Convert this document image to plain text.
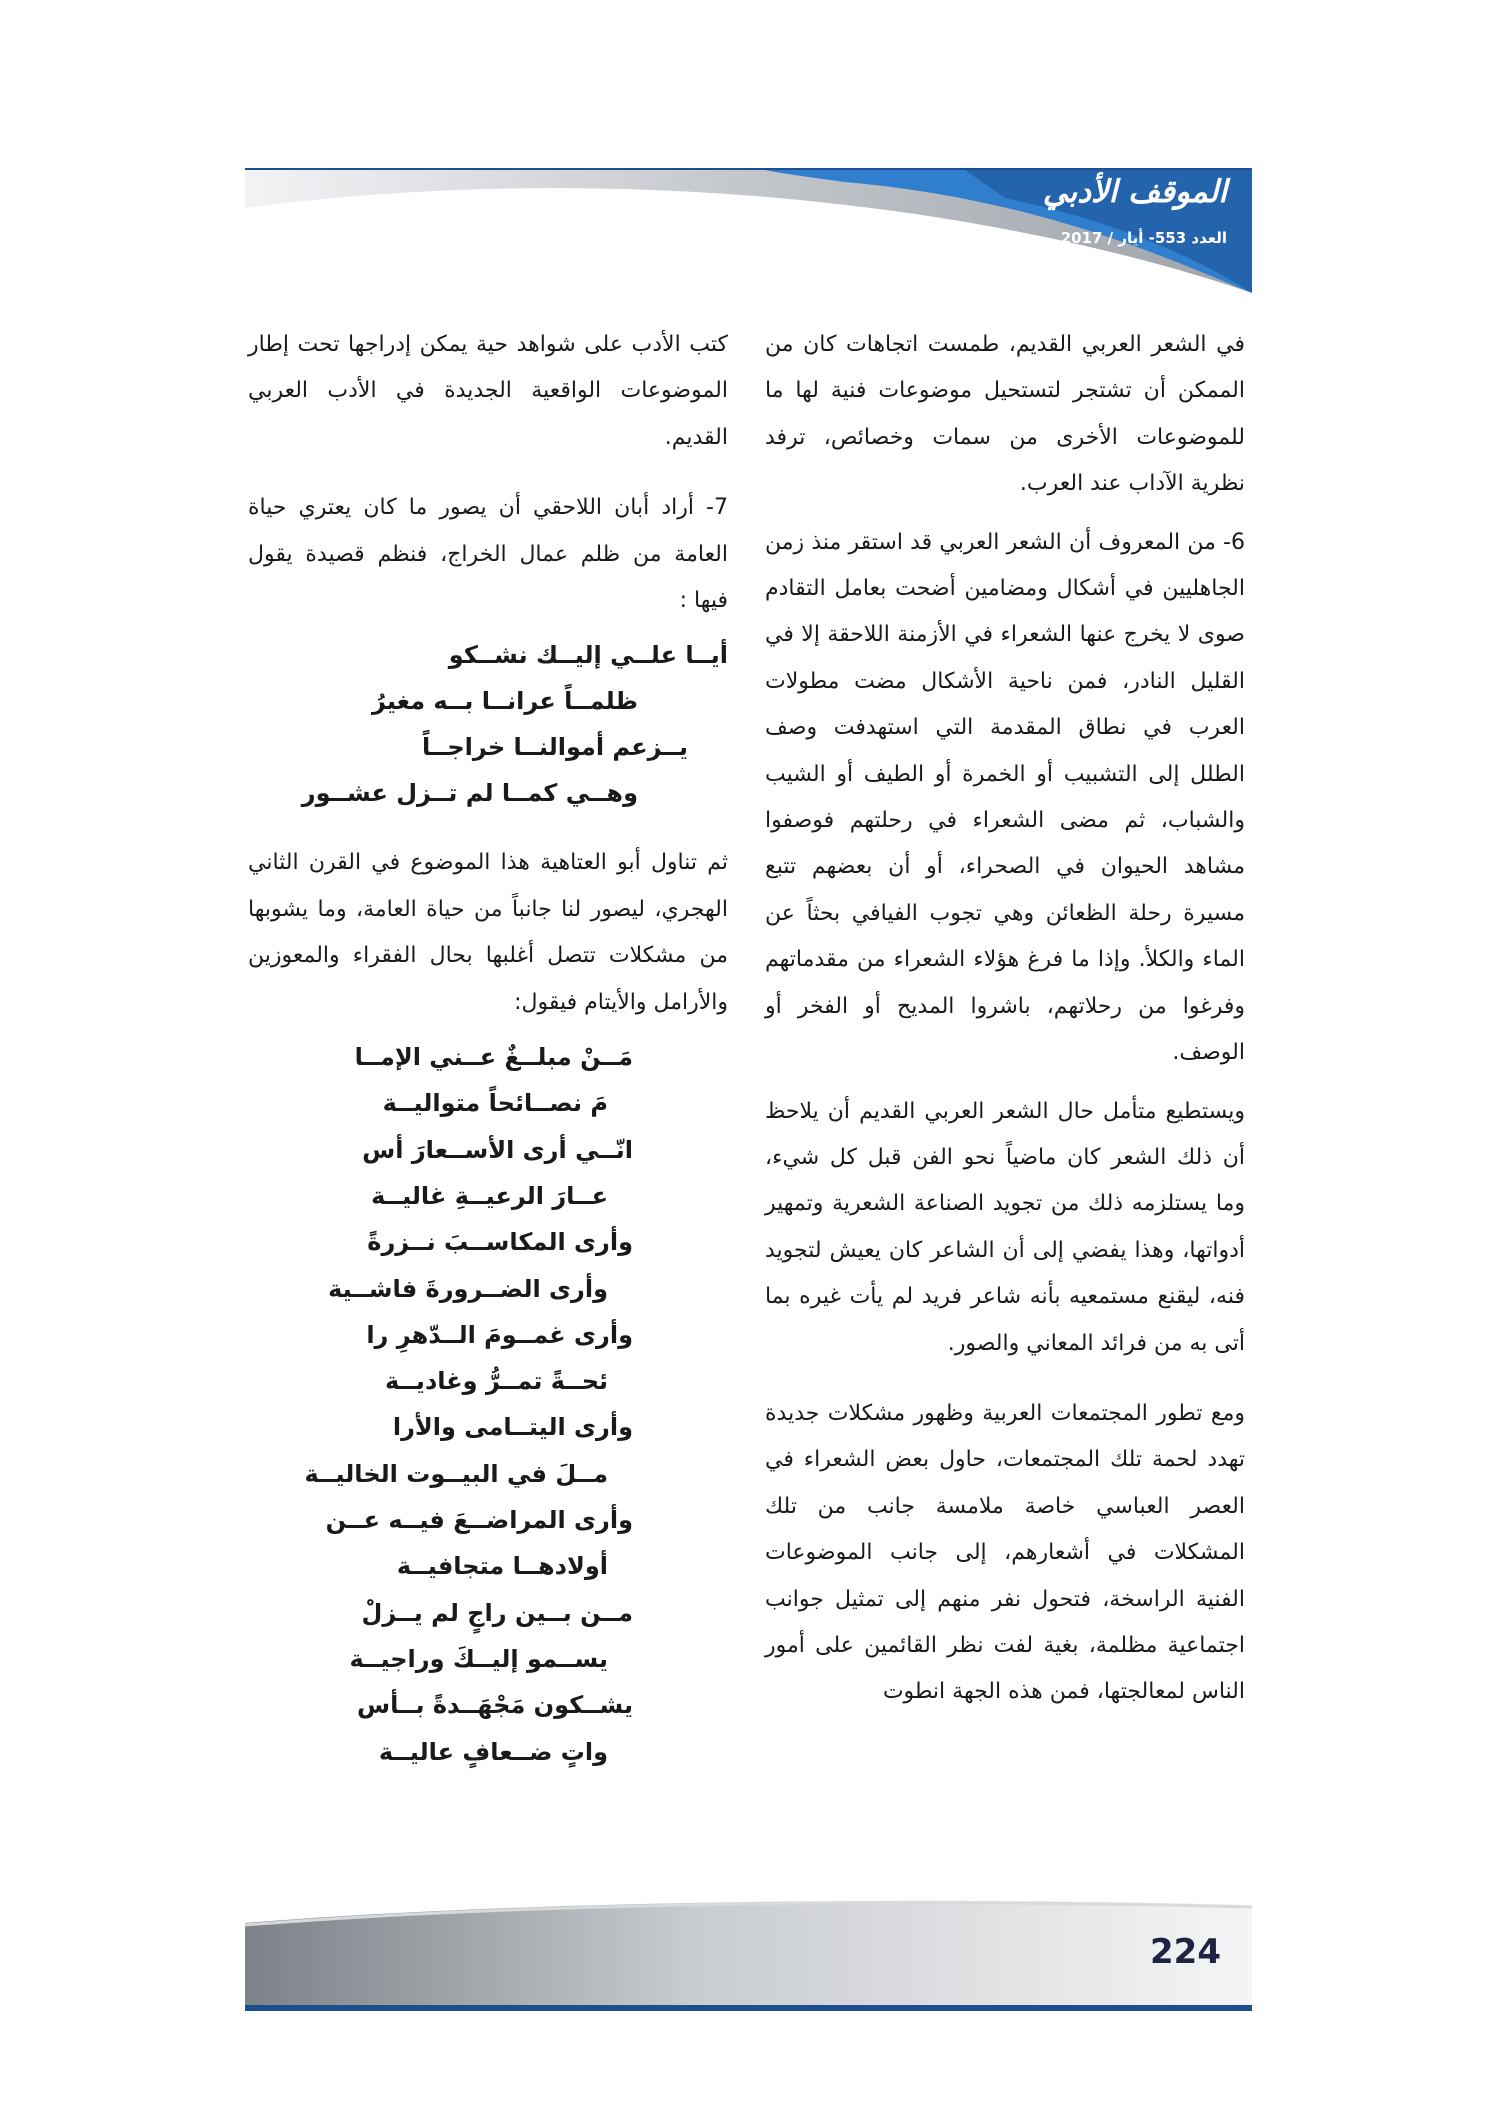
الموقف الأدبي
العدد 553- أيار / 2017

في الشعر العربي القديم، طمست اتجاهات كان من الممكن أن تشتجر لتستحيل موضوعات فنية لها ما للموضوعات الأخرى من سمات وخصائص، ترفد نظرية الآداب عند العرب.

6- من المعروف أن الشعر العربي قد استقر منذ زمن الجاهليين في أشكال ومضامين أضحت بعامل التقادم صوى لا يخرج عنها الشعراء في الأزمنة اللاحقة إلا في القليل النادر، فمن ناحية الأشكال مضت مطولات العرب في نطاق المقدمة التي استهدفت وصف الطلل إلى التشبيب أو الخمرة أو الطيف أو الشيب والشباب، ثم مضى الشعراء في رحلتهم فوصفوا مشاهد الحيوان في الصحراء، أو أن بعضهم تتبع مسيرة رحلة الظعائن وهي تجوب الفيافي بحثاً عن الماء والكلأ. وإذا ما فرغ هؤلاء الشعراء من مقدماتهم وفرغوا من رحلاتهم، باشروا المديح أو الفخر أو الوصف.

ويستطيع متأمل حال الشعر العربي القديم أن يلاحظ أن ذلك الشعر كان ماضياً نحو الفن قبل كل شيء، وما يستلزمه ذلك من تجويد الصناعة الشعرية وتمهير أدواتها، وهذا يفضي إلى أن الشاعر كان يعيش لتجويد فنه، ليقنع مستمعيه بأنه شاعر فريد لم يأت غيره بما أتى به من فرائد المعاني والصور.

ومع تطور المجتمعات العربية وظهور مشكلات جديدة تهدد لحمة تلك المجتمعات، حاول بعض الشعراء في العصر العباسي خاصة ملامسة جانب من تلك المشكلات في أشعارهم، إلى جانب الموضوعات الفنية الراسخة، فتحول نفر منهم إلى تمثيل جوانب اجتماعية مظلمة، بغية لفت نظر القائمين على أمور الناس لمعالجتها، فمن هذه الجهة انطوت

كتب الأدب على شواهد حية يمكن إدراجها تحت إطار الموضوعات الواقعية الجديدة في الأدب العربي القديم.

7- أراد أبان اللاحقي أن يصور ما كان يعتري حياة العامة من ظلم عمال الخراج، فنظم قصيدة يقول فيها :

أيــا علــي إليــك نشــكو
ظلمــاً عرانــا بــه مغيرُ
يــزعم أموالنــا خراجــاً
وهــي كمــا لم تــزل عشــور

ثم تناول أبو العتاهية هذا الموضوع في القرن الثاني الهجري، ليصور لنا جانباً من حياة العامة، وما يشوبها من مشكلات تتصل أغلبها بحال الفقراء والمعوزين والأرامل والأيتام فيقول:

مَــنْ مبلــغٌ عــني الإمــا
مَ نصــائحاً متواليــة
انّــي أرى الأســعارَ أس
عــارَ الرعيــةِ غاليــة
وأرى المكاســبَ نــزرةً
وأرى الضــرورةَ فاشــية
وأرى غمــومَ الــدّهرِ را
ئحــةً تمــرُّ وغاديــة
وأرى اليتــامى والأرا
مــلَ في البيــوت الخاليــة
وأرى المراضــعَ فيــه عــن
أولادهــا متجافيــة
مــن بــين راجٍ لم يــزلْ
يســمو إليــكَ وراجيــة
يشــكون مَجْهَــدةً بــأس
واتٍ ضــعافٍ عاليــة
224
